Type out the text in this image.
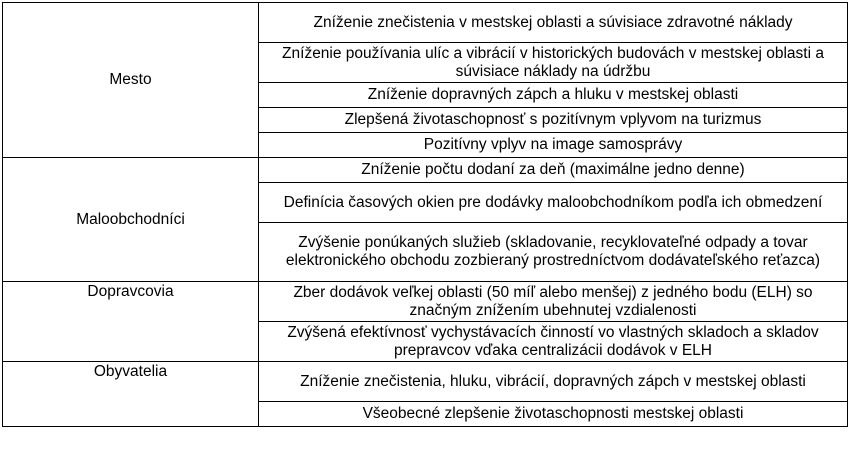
Mesto	Zníženie znečistenia v mestskej oblasti a súvisiace zdravotné náklady
	Zníženie používania ulíc a vibrácií v historických budovách v mestskej oblasti a súvisiace náklady na údržbu
	Zníženie dopravných zápch a hluku v mestskej oblasti
	Zlepšená životaschopnosť s pozitívnym vplyvom na turizmus
	Pozitívny vplyv na image samosprávy
Maloobchodníci	Zníženie počtu dodaní za deň (maximálne jedno denne)
	Definícia časových okien pre dodávky maloobchodníkom podľa ich obmedzení
	Zvýšenie ponúkaných služieb (skladovanie, recyklovateľné odpady a tovar elektronického obchodu zozbieraný prostredníctvom dodávateľského reťazca)
Dopravcovia	Zber dodávok veľkej oblasti (50 míľ alebo menšej) z jedného bodu (ELH) so značným znížením ubehnutej vzdialenosti
	Zvýšená efektívnosť vychystávacích činností vo vlastných skladoch a skladov prepravcov vďaka centralizácii dodávok v ELH
Obyvatelia	Zníženie znečistenia, hluku, vibrácií, dopravných zápch v mestskej oblasti
	Všeobecné zlepšenie životaschopnosti mestskej oblasti
